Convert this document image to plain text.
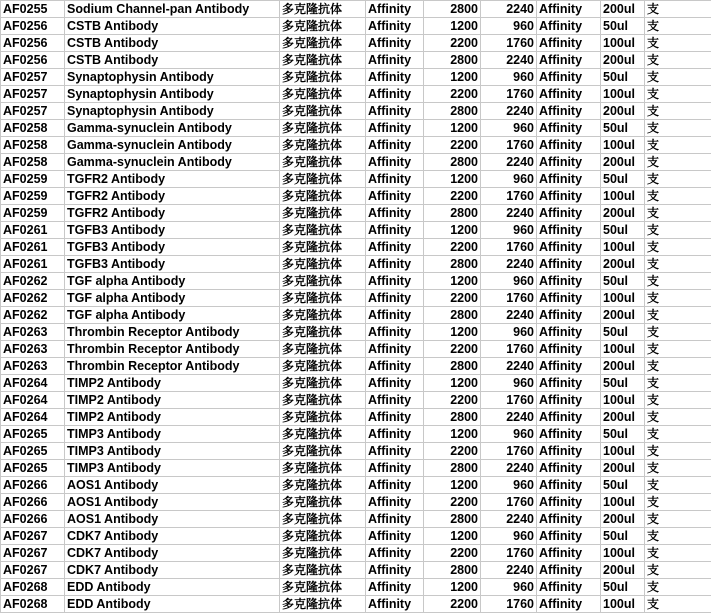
AF0255	Sodium Channel-pan Antibody	多克隆抗体	Affinity	2800	2240	Affinity	200ul	支
AF0256	CSTB Antibody	多克隆抗体	Affinity	1200	960	Affinity	50ul	支
AF0256	CSTB Antibody	多克隆抗体	Affinity	2200	1760	Affinity	100ul	支
AF0256	CSTB Antibody	多克隆抗体	Affinity	2800	2240	Affinity	200ul	支
AF0257	Synaptophysin Antibody	多克隆抗体	Affinity	1200	960	Affinity	50ul	支
AF0257	Synaptophysin Antibody	多克隆抗体	Affinity	2200	1760	Affinity	100ul	支
AF0257	Synaptophysin Antibody	多克隆抗体	Affinity	2800	2240	Affinity	200ul	支
AF0258	Gamma-synuclein Antibody	多克隆抗体	Affinity	1200	960	Affinity	50ul	支
AF0258	Gamma-synuclein Antibody	多克隆抗体	Affinity	2200	1760	Affinity	100ul	支
AF0258	Gamma-synuclein Antibody	多克隆抗体	Affinity	2800	2240	Affinity	200ul	支
AF0259	TGFR2 Antibody	多克隆抗体	Affinity	1200	960	Affinity	50ul	支
AF0259	TGFR2 Antibody	多克隆抗体	Affinity	2200	1760	Affinity	100ul	支
AF0259	TGFR2 Antibody	多克隆抗体	Affinity	2800	2240	Affinity	200ul	支
AF0261	TGFB3 Antibody	多克隆抗体	Affinity	1200	960	Affinity	50ul	支
AF0261	TGFB3 Antibody	多克隆抗体	Affinity	2200	1760	Affinity	100ul	支
AF0261	TGFB3 Antibody	多克隆抗体	Affinity	2800	2240	Affinity	200ul	支
AF0262	TGF alpha Antibody	多克隆抗体	Affinity	1200	960	Affinity	50ul	支
AF0262	TGF alpha Antibody	多克隆抗体	Affinity	2200	1760	Affinity	100ul	支
AF0262	TGF alpha Antibody	多克隆抗体	Affinity	2800	2240	Affinity	200ul	支
AF0263	Thrombin Receptor Antibody	多克隆抗体	Affinity	1200	960	Affinity	50ul	支
AF0263	Thrombin Receptor Antibody	多克隆抗体	Affinity	2200	1760	Affinity	100ul	支
AF0263	Thrombin Receptor Antibody	多克隆抗体	Affinity	2800	2240	Affinity	200ul	支
AF0264	TIMP2 Antibody	多克隆抗体	Affinity	1200	960	Affinity	50ul	支
AF0264	TIMP2 Antibody	多克隆抗体	Affinity	2200	1760	Affinity	100ul	支
AF0264	TIMP2 Antibody	多克隆抗体	Affinity	2800	2240	Affinity	200ul	支
AF0265	TIMP3 Antibody	多克隆抗体	Affinity	1200	960	Affinity	50ul	支
AF0265	TIMP3 Antibody	多克隆抗体	Affinity	2200	1760	Affinity	100ul	支
AF0265	TIMP3 Antibody	多克隆抗体	Affinity	2800	2240	Affinity	200ul	支
AF0266	AOS1 Antibody	多克隆抗体	Affinity	1200	960	Affinity	50ul	支
AF0266	AOS1 Antibody	多克隆抗体	Affinity	2200	1760	Affinity	100ul	支
AF0266	AOS1 Antibody	多克隆抗体	Affinity	2800	2240	Affinity	200ul	支
AF0267	CDK7 Antibody	多克隆抗体	Affinity	1200	960	Affinity	50ul	支
AF0267	CDK7 Antibody	多克隆抗体	Affinity	2200	1760	Affinity	100ul	支
AF0267	CDK7 Antibody	多克隆抗体	Affinity	2800	2240	Affinity	200ul	支
AF0268	EDD Antibody	多克隆抗体	Affinity	1200	960	Affinity	50ul	支
AF0268	EDD Antibody	多克隆抗体	Affinity	2200	1760	Affinity	100ul	支
